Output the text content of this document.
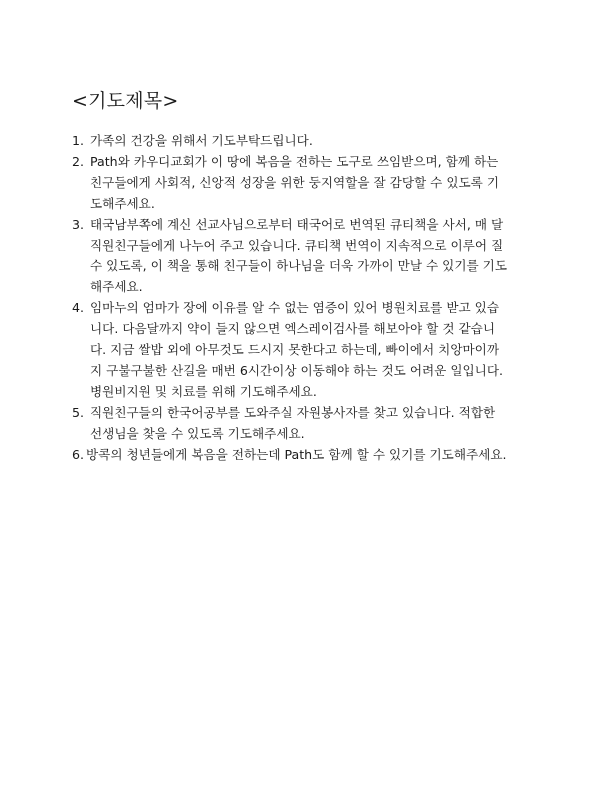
<기도제목>
1. 가족의 건강을 위해서 기도부탁드립니다.
2. Path와 카우디교회가 이 땅에 복음을 전하는 도구로 쓰임받으며, 함께 하는
친구들에게 사회적, 신앙적 성장을 위한 둥지역할을 잘 감당할 수 있도록 기
도해주세요.
3. 태국남부쪽에 계신 선교사님으로부터 태국어로 번역된 큐티책을 사서, 매 달
직원친구들에게 나누어 주고 있습니다. 큐티책 번역이 지속적으로 이루어 질
수 있도록, 이 책을 통해 친구들이 하나님을 더욱 가까이 만날 수 있기를 기도
해주세요.
4. 임마누의 엄마가 장에 이유를 알 수 없는 염증이 있어 병원치료를 받고 있습
니다. 다음달까지 약이 들지 않으면 엑스레이검사를 해보아야 할 것 같습니
다. 지금 쌀밥 외에 아무것도 드시지 못한다고 하는데, 빠이에서 치앙마이까
지 구불구불한 산길을 매번 6시간이상 이동해야 하는 것도 어려운 일입니다.
병원비지원 및 치료를 위해 기도해주세요.
5. 직원친구들의 한국어공부를 도와주실 자원봉사자를 찾고 있습니다. 적합한
선생님을 찾을 수 있도록 기도해주세요.
6. 방콕의 청년들에게 복음을 전하는데 Path도 함께 할 수 있기를 기도해주세요.
